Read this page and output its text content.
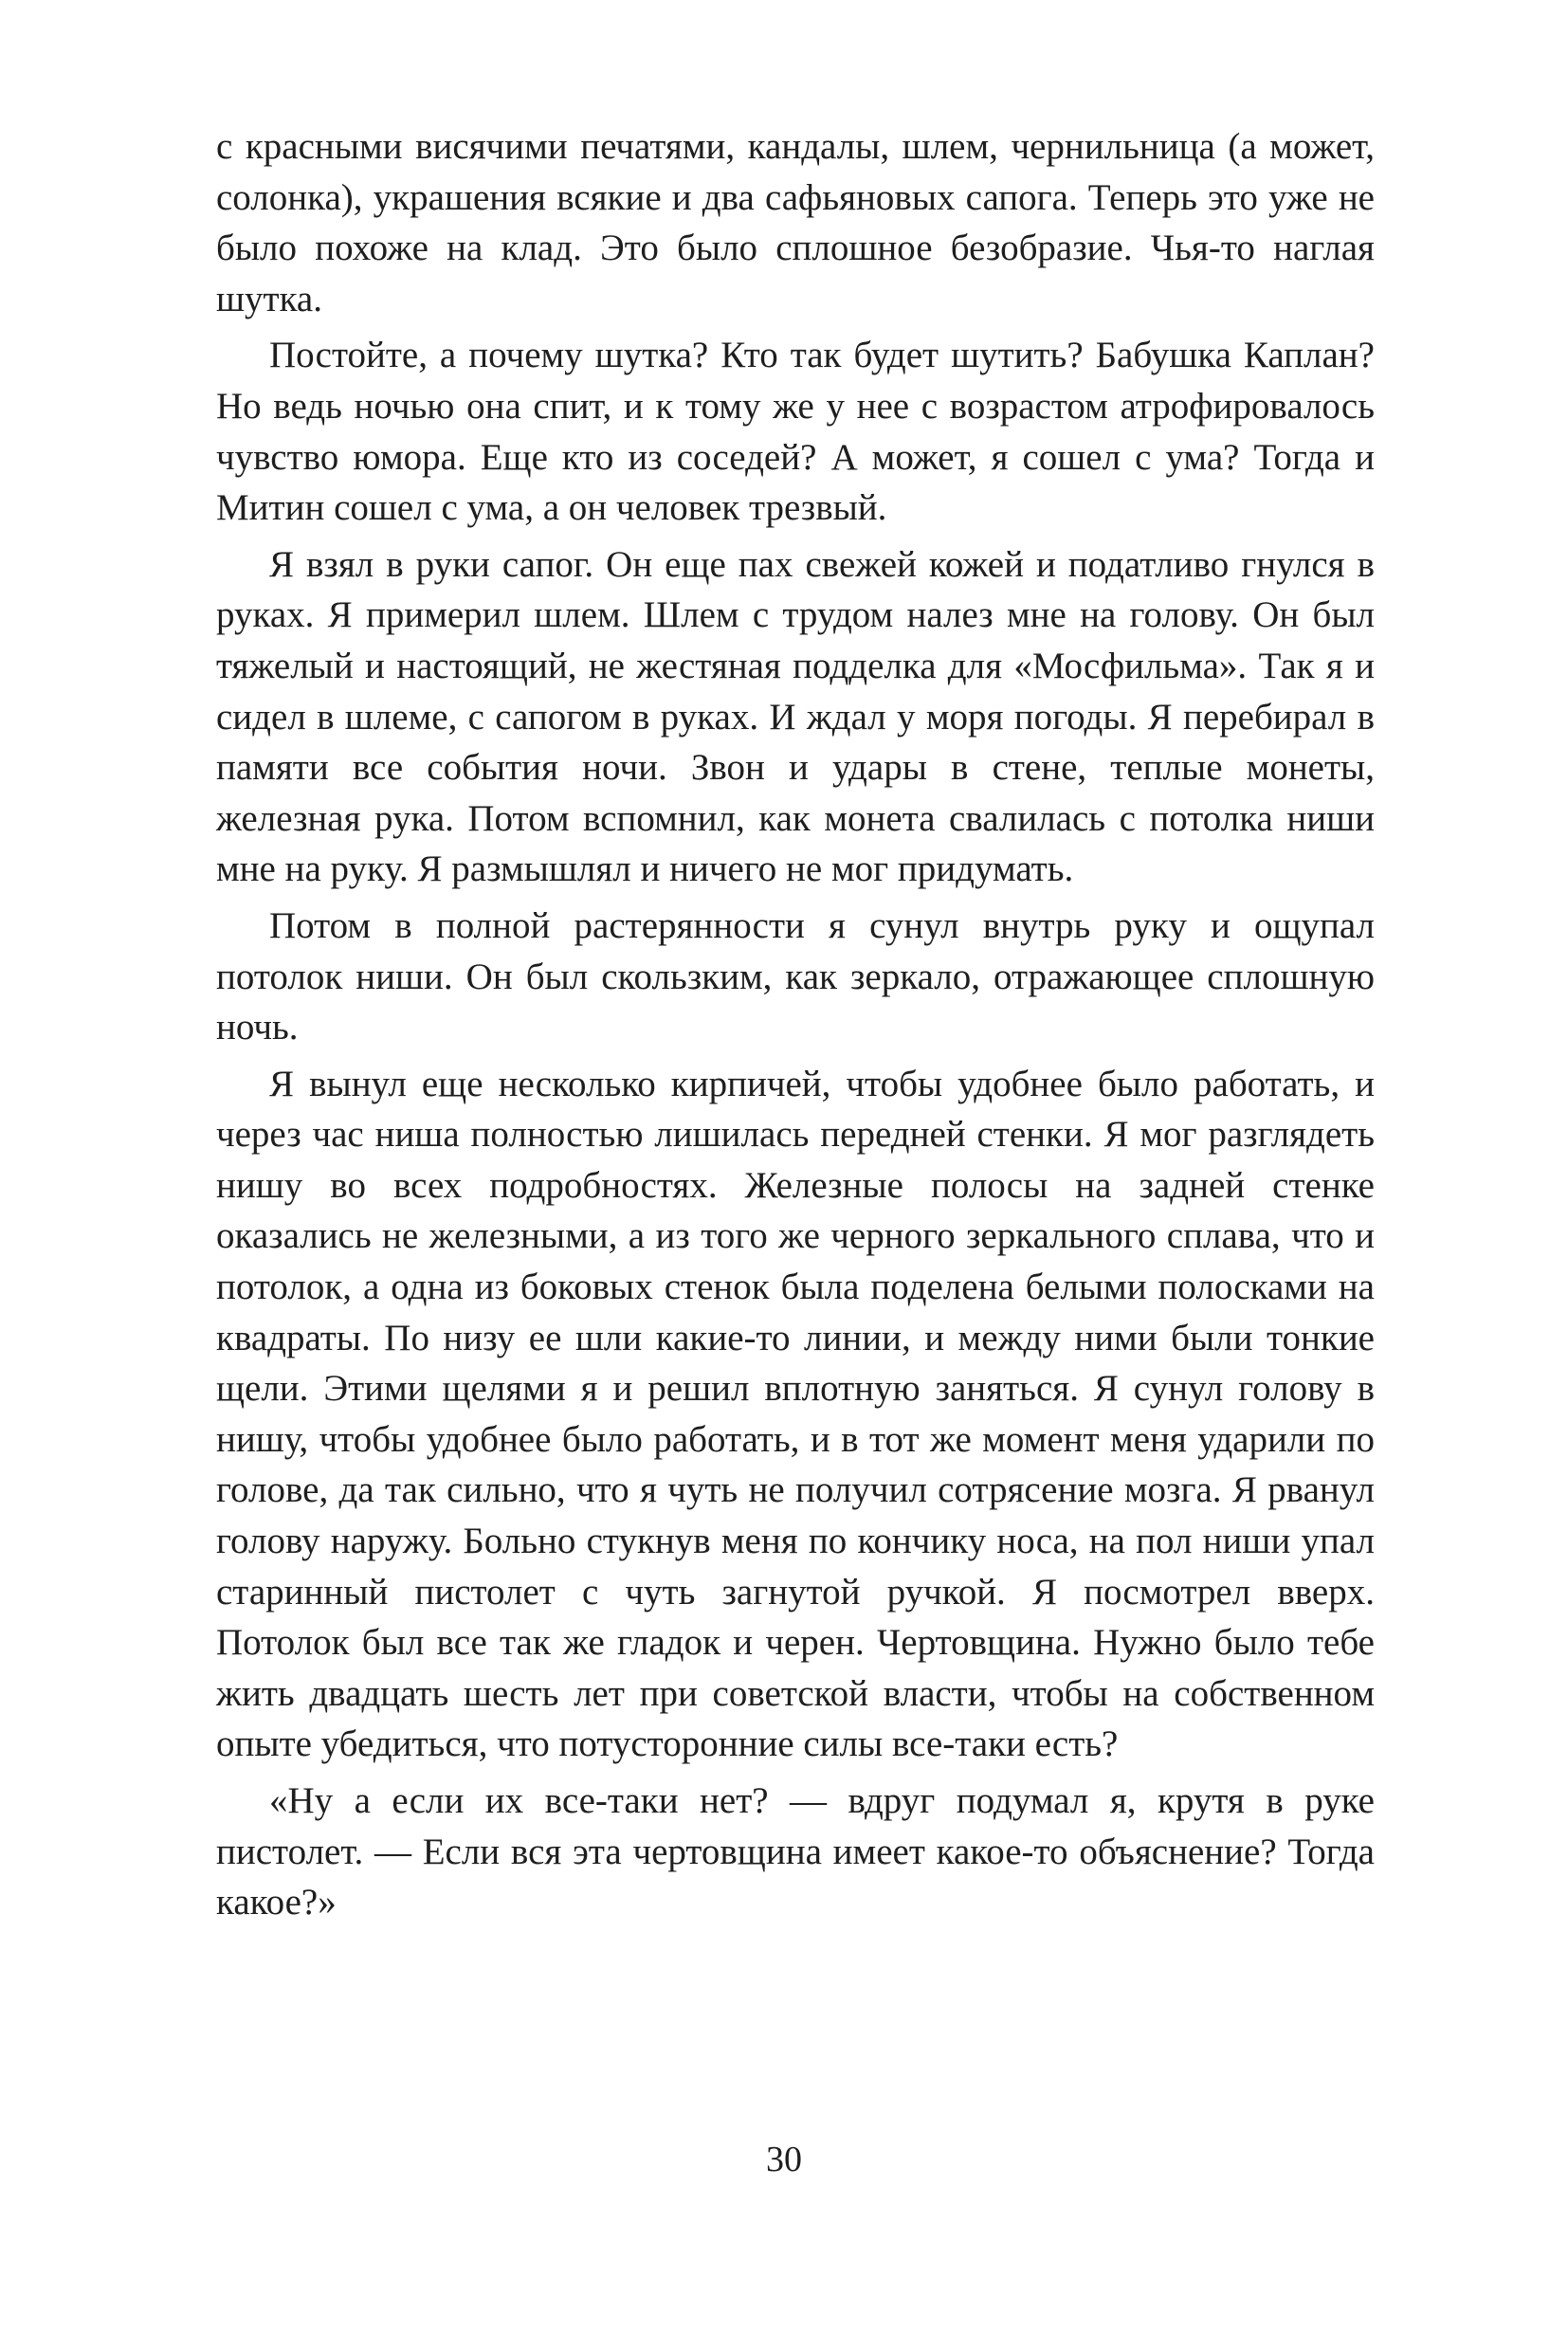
с красными висячими печатями, кандалы, шлем, чернильница (а может, солонка), украшения всякие и два сафьяновых сапога. Теперь это уже не было похоже на клад. Это было сплошное безобразие. Чья-то наглая шутка.

Постойте, а почему шутка? Кто так будет шутить? Бабушка Каплан? Но ведь ночью она спит, и к тому же у нее с возрастом атрофировалось чувство юмора. Еще кто из соседей? А может, я сошел с ума? Тогда и Митин сошел с ума, а он человек трезвый.

Я взял в руки сапог. Он еще пах свежей кожей и податливо гнулся в руках. Я примерил шлем. Шлем с трудом налез мне на голову. Он был тяжелый и настоящий, не жестяная подделка для «Мосфильма». Так я и сидел в шлеме, с сапогом в руках. И ждал у моря погоды. Я перебирал в памяти все события ночи. Звон и удары в стене, теплые монеты, железная рука. Потом вспомнил, как монета свалилась с потолка ниши мне на руку. Я размышлял и ничего не мог придумать.

Потом в полной растерянности я сунул внутрь руку и ощупал потолок ниши. Он был скользким, как зеркало, отражающее сплошную ночь.

Я вынул еще несколько кирпичей, чтобы удобнее было работать, и через час ниша полностью лишилась передней стенки. Я мог разглядеть нишу во всех подробностях. Железные полосы на задней стенке оказались не железными, а из того же черного зеркального сплава, что и потолок, а одна из боковых стенок была поделена белыми полосками на квадраты. По низу ее шли какие-то линии, и между ними были тонкие щели. Этими щелями я и решил вплотную заняться. Я сунул голову в нишу, чтобы удобнее было работать, и в тот же момент меня ударили по голове, да так сильно, что я чуть не получил сотрясение мозга. Я рванул голову наружу. Больно стукнув меня по кончику носа, на пол ниши упал старинный пистолет с чуть загнутой ручкой. Я посмотрел вверх. Потолок был все так же гладок и черен. Чертовщина. Нужно было тебе жить двадцать шесть лет при советской власти, чтобы на собственном опыте убедиться, что потусторонние силы все-таки есть?

«Ну а если их все-таки нет? — вдруг подумал я, крутя в руке пистолет. — Если вся эта чертовщина имеет какое-то объяснение? Тогда какое?»

30
